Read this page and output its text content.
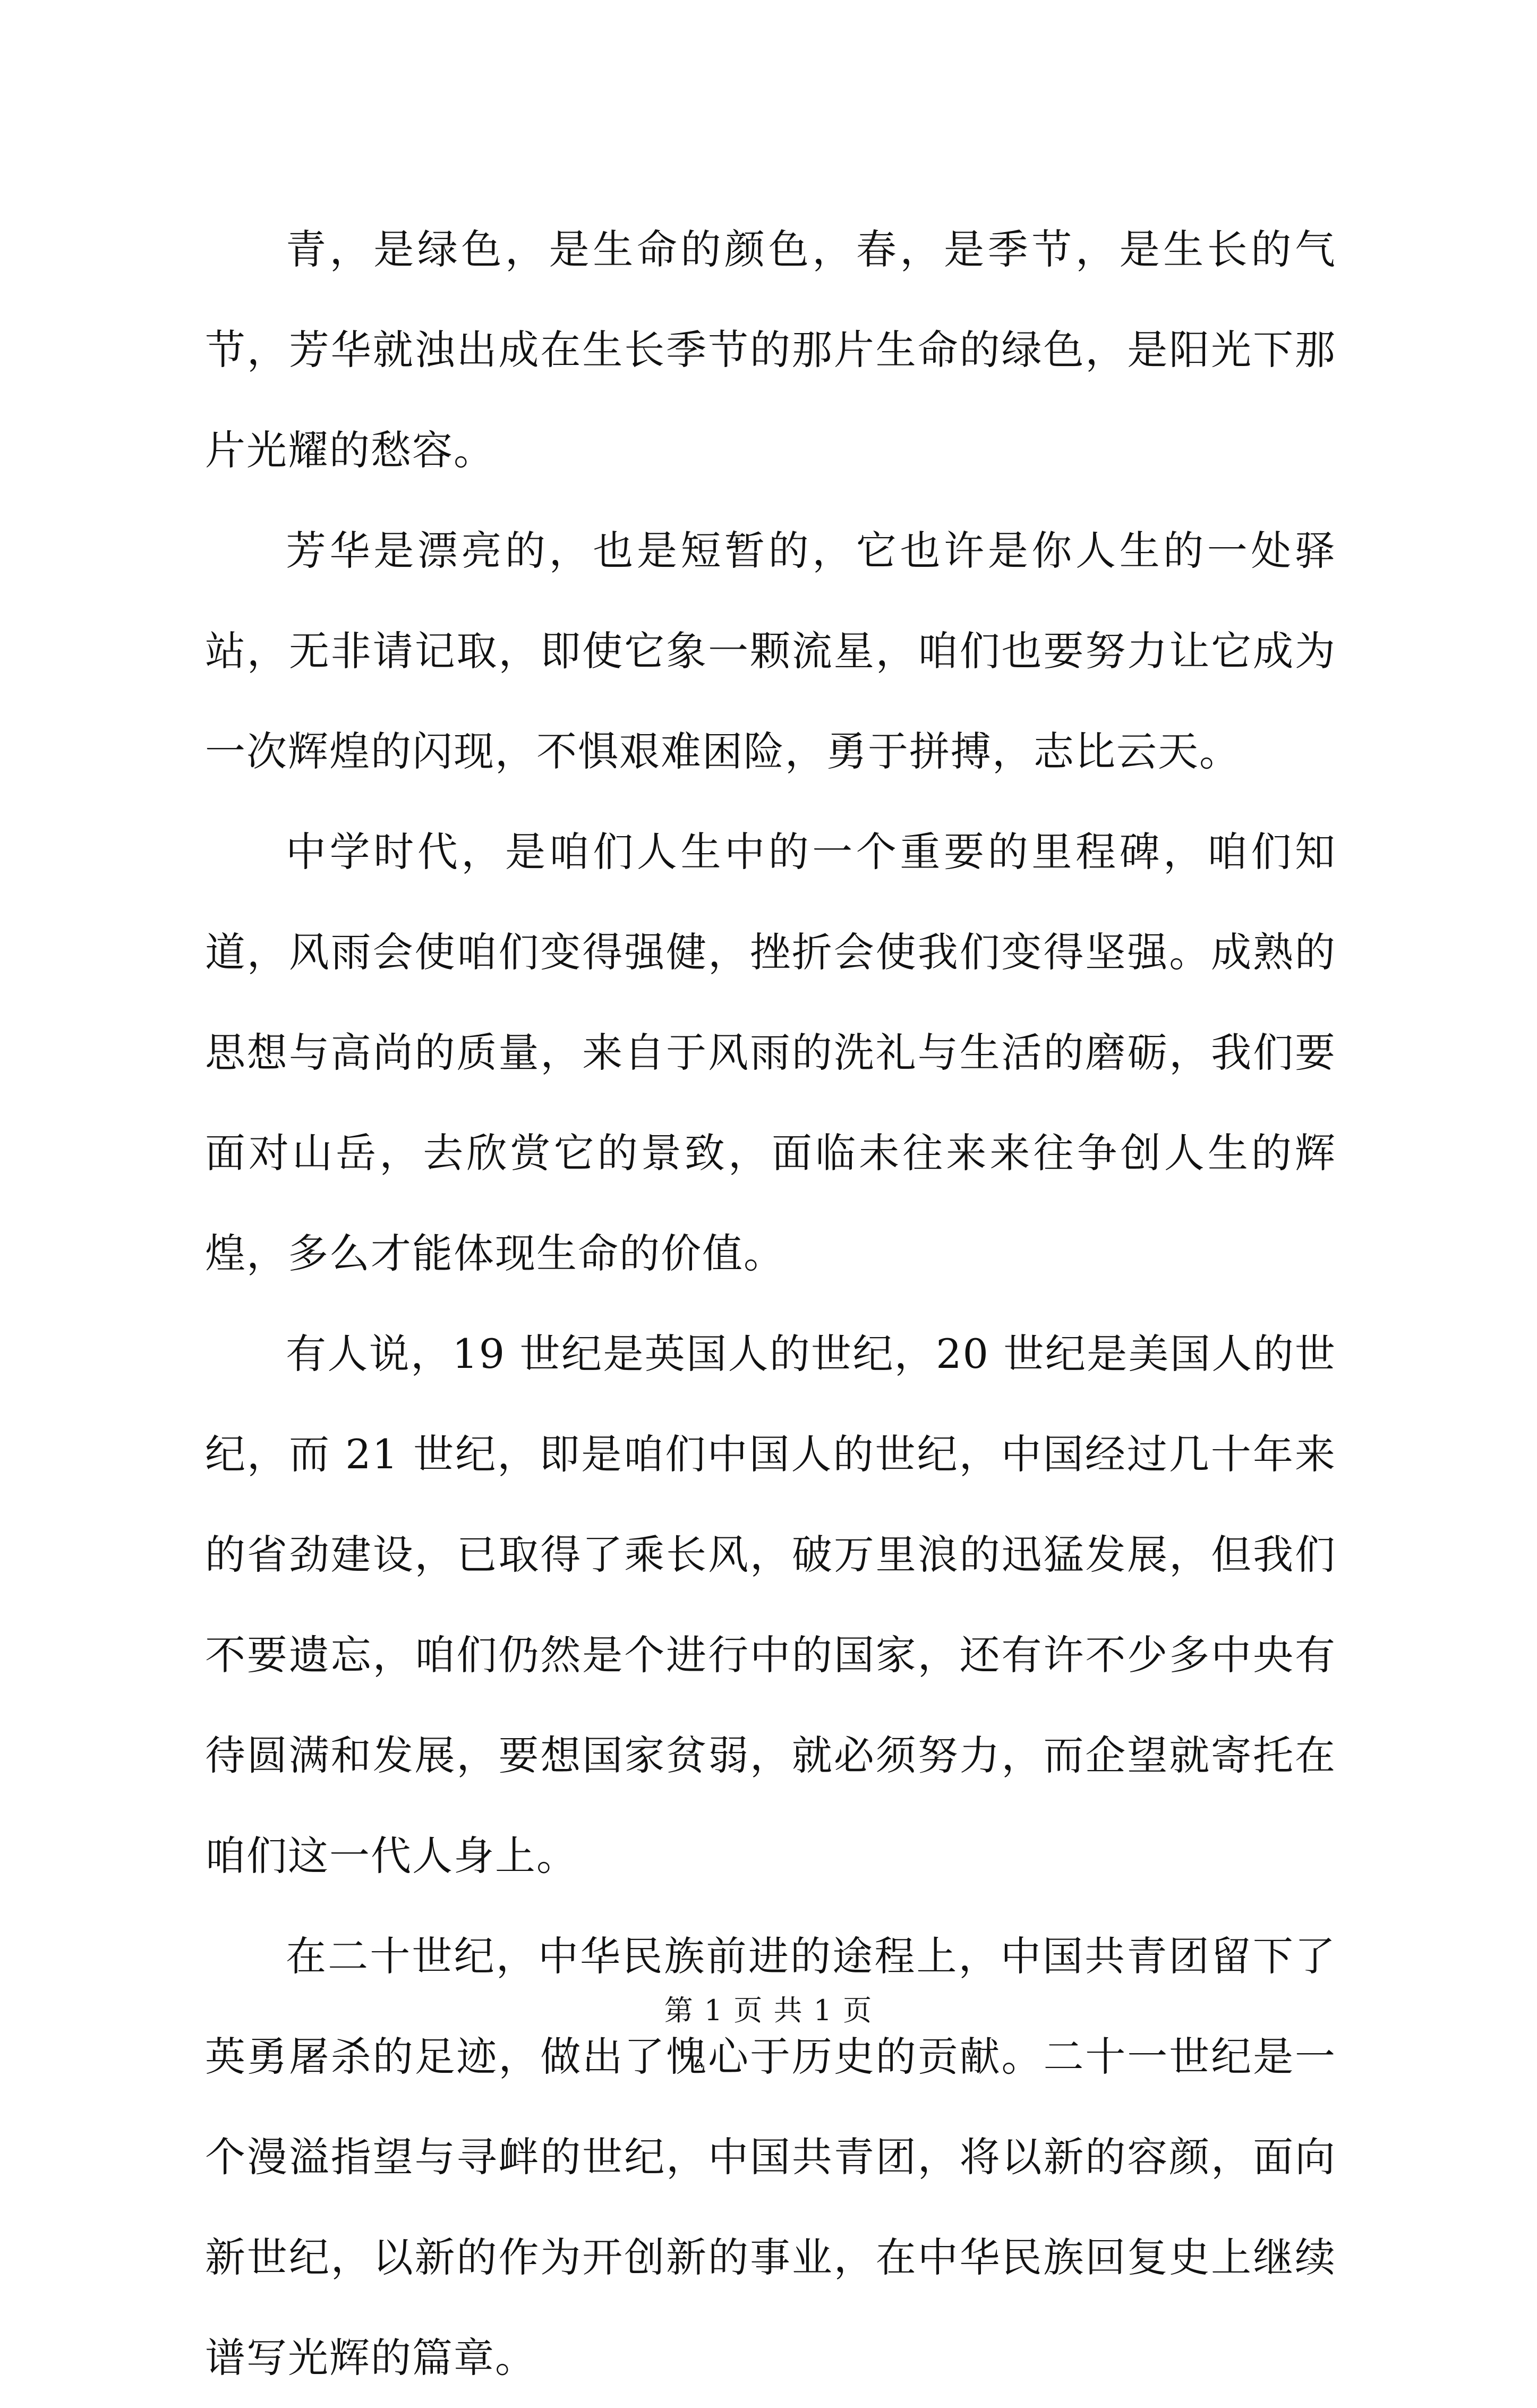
青，是绿色，是生命的颜色，春，是季节，是生长的气节，芳华就浊出成在生长季节的那片生命的绿色，是阳光下那片光耀的愁容。

芳华是漂亮的，也是短暂的，它也许是你人生的一处驿站，无非请记取，即使它象一颗流星，咱们也要努力让它成为一次辉煌的闪现，不惧艰难困险，勇于拼搏，志比云天。

中学时代，是咱们人生中的一个重要的里程碑，咱们知道，风雨会使咱们变得强健，挫折会使我们变得坚强。成熟的思想与高尚的质量，来自于风雨的洗礼与生活的磨砺，我们要面对山岳，去欣赏它的景致，面临未往来来往争创人生的辉煌，多么才能体现生命的价值。

有人说，19 世纪是英国人的世纪，20 世纪是美国人的世纪，而 21 世纪，即是咱们中国人的世纪，中国经过几十年来的省劲建设，已取得了乘长风，破万里浪的迅猛发展，但我们不要遗忘，咱们仍然是个进行中的国家，还有许不少多中央有待圆满和发展，要想国家贫弱，就必须努力，而企望就寄托在咱们这一代人身上。

在二十世纪，中华民族前进的途程上，中国共青团留下了英勇屠杀的足迹，做出了愧心于历史的贡献。二十一世纪是一个漫溢指望与寻衅的世纪，中国共青团，将以新的容颜，面向新世纪，以新的作为开创新的事业，在中华民族回复史上继续谱写光辉的篇章。

第 1 页 共 1 页
